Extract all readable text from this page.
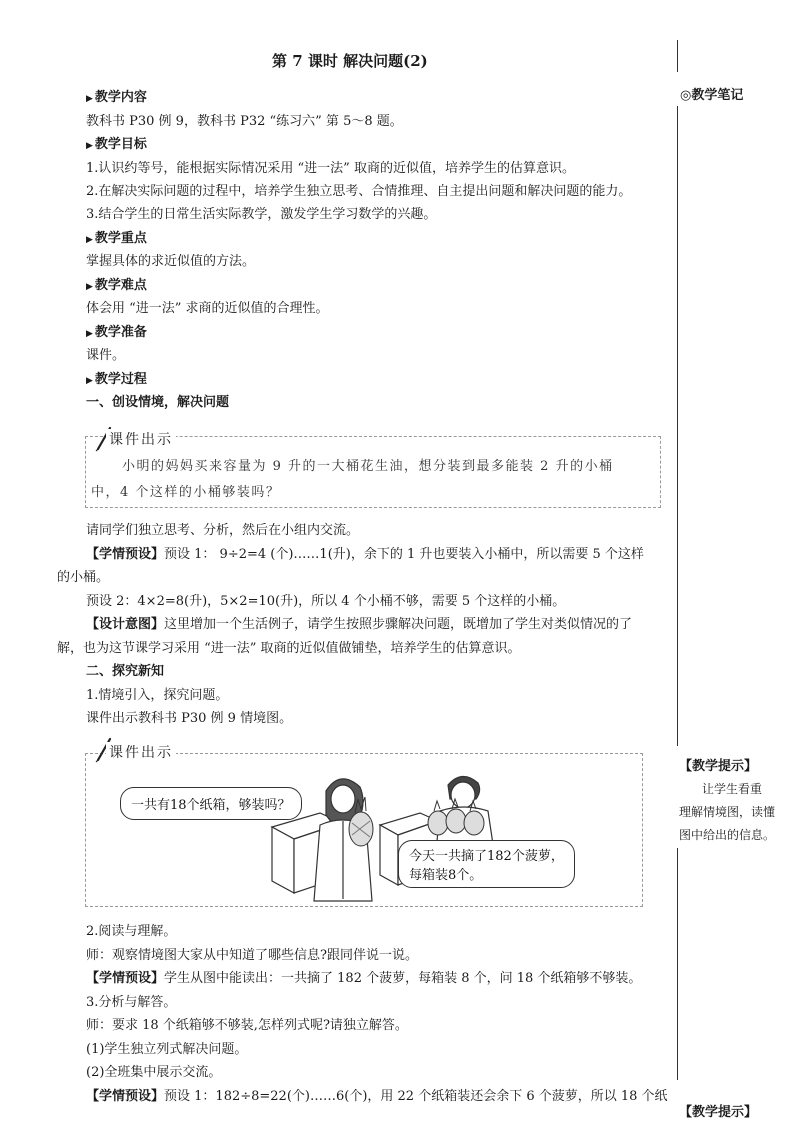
第 7 课时 解决问题(2)
◎教学笔记
▶ 教学内容
教科书 P30 例 9，教科书 P32 “练习六” 第 5～8 题。
▶ 教学目标
1.认识约等号，能根据实际情况采用 “进一法” 取商的近似值，培养学生的估算意识。
2.在解决实际问题的过程中，培养学生独立思考、合情推理、自主提出问题和解决问题的能力。
3.结合学生的日常生活实际教学，激发学生学习数学的兴趣。
▶ 教学重点
掌握具体的求近似值的方法。
▶ 教学难点
体会用 “进一法” 求商的近似值的合理性。
▶ 教学准备
课件。
▶ 教学过程
一、创设情境，解决问题
课件出示
小明的妈妈买来容量为 9 升的一大桶花生油，想分装到最多能装 2 升的小桶
中，4 个这样的小桶够装吗？
请同学们独立思考、分析，然后在小组内交流。
【学情预设】预设 1： 9÷2=4 (个)……1(升)，余下的 1 升也要装入小桶中，所以需要 5 个这样
的小桶。
预设 2：4×2=8(升)，5×2=10(升)，所以 4 个小桶不够，需要 5 个这样的小桶。
【设计意图】这里增加一个生活例子，请学生按照步骤解决问题，既增加了学生对类似情况的了
解，也为这节课学习采用 “进一法” 取商的近似值做铺垫，培养学生的估算意识。
二、探究新知
1.情境引入，探究问题。
课件出示教科书 P30 例 9 情境图。
课件出示
一共有18个纸箱，够装吗？
今天一共摘了182个菠萝，
每箱装8个。
【教学提示】
让学生看重
理解情境图，读懂
图中给出的信息。
2.阅读与理解。
师：观察情境图大家从中知道了哪些信息?跟同伴说一说。
【学情预设】学生从图中能读出：一共摘了 182 个菠萝，每箱装 8 个，问 18 个纸箱够不够装。
3.分析与解答。
师：要求 18 个纸箱够不够装,怎样列式呢?请独立解答。
(1)学生独立列式解决问题。
(2)全班集中展示交流。
【学情预设】预设 1：182÷8=22(个)……6(个)，用 22 个纸箱装还会余下 6 个菠萝，所以 18 个纸
【教学提示】
